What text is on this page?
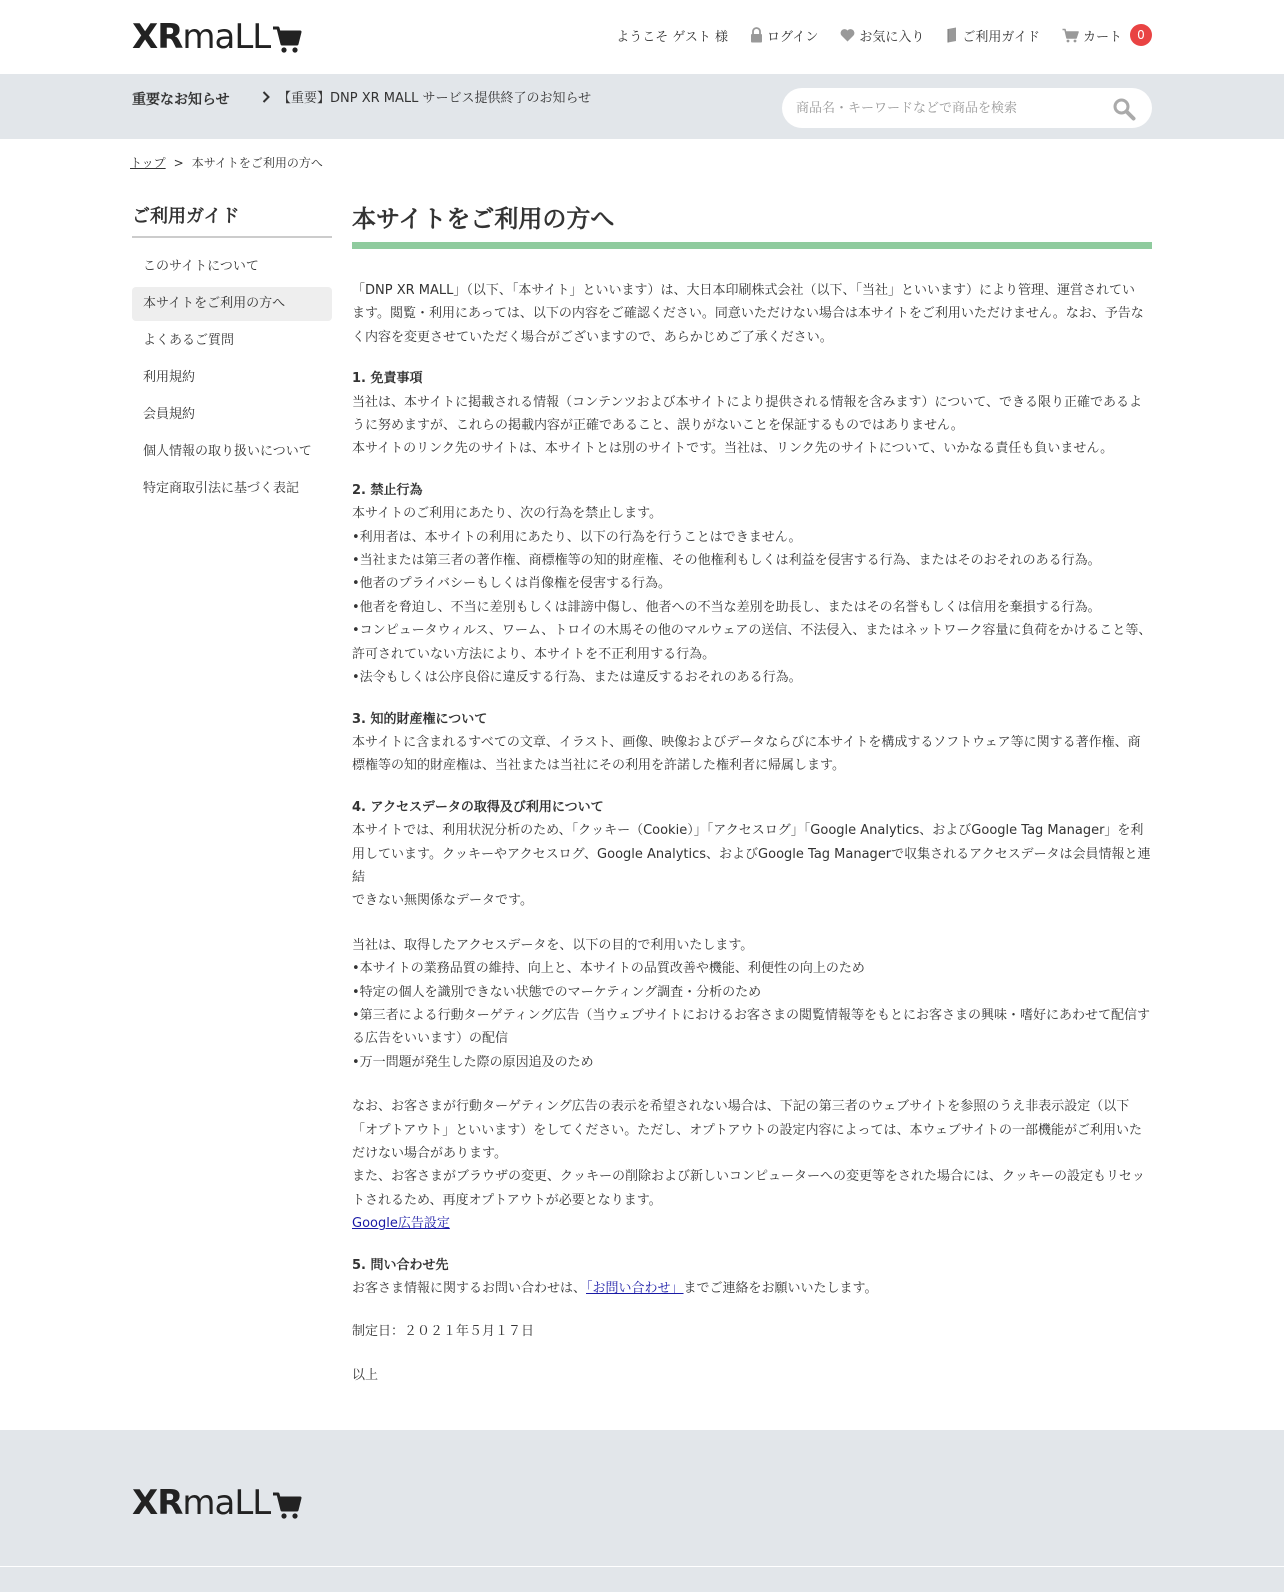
XR maLL	ようこそ ゲスト 様	ログイン	お気に入り	ご利用ガイド	カート	0
重要なお知らせ	【重要】DNP XR MALL サービス提供終了のお知らせ
商品名・キーワードなどで商品を検索
トップ > 本サイトをご利用の方へ
ご利用ガイド
このサイトについて
本サイトをご利用の方へ
よくあるご質問
利用規約
会員規約
個人情報の取り扱いについて
特定商取引法に基づく表記
本サイトをご利用の方へ
「DNP XR MALL」（以下、「本サイト」といいます）は、大日本印刷株式会社（以下、「当社」といいます）により管理、運営されてい
ます。閲覧・利用にあっては、以下の内容をご確認ください。同意いただけない場合は本サイトをご利用いただけません。なお、予告な
く内容を変更させていただく場合がございますので、あらかじめご了承ください。
1. 免責事項
当社は、本サイトに掲載される情報（コンテンツおよび本サイトにより提供される情報を含みます）について、できる限り正確であるよ
うに努めますが、これらの掲載内容が正確であること、誤りがないことを保証するものではありません。
本サイトのリンク先のサイトは、本サイトとは別のサイトです。当社は、リンク先のサイトについて、いかなる責任も負いません。
2. 禁止行為
本サイトのご利用にあたり、次の行為を禁止します。
•利用者は、本サイトの利用にあたり、以下の行為を行うことはできません。
•当社または第三者の著作権、商標権等の知的財産権、その他権利もしくは利益を侵害する行為、またはそのおそれのある行為。
•他者のプライバシーもしくは肖像権を侵害する行為。
•他者を脅迫し、不当に差別もしくは誹謗中傷し、他者への不当な差別を助長し、またはその名誉もしくは信用を棄損する行為。
•コンピュータウィルス、ワーム、トロイの木馬その他のマルウェアの送信、不法侵入、またはネットワーク容量に負荷をかけること等、
許可されていない方法により、本サイトを不正利用する行為。
•法令もしくは公序良俗に違反する行為、または違反するおそれのある行為。
3. 知的財産権について
本サイトに含まれるすべての文章、イラスト、画像、映像およびデータならびに本サイトを構成するソフトウェア等に関する著作権、商
標権等の知的財産権は、当社または当社にその利用を許諾した権利者に帰属します。
4. アクセスデータの取得及び利用について
本サイトでは、利用状況分析のため、「クッキー（Cookie）」「アクセスログ」「Google Analytics、およびGoogle Tag Manager」を利
用しています。クッキーやアクセスログ、Google Analytics、およびGoogle Tag Managerで収集されるアクセスデータは会員情報と連結
できない無関係なデータです。
当社は、取得したアクセスデータを、以下の目的で利用いたします。
•本サイトの業務品質の維持、向上と、本サイトの品質改善や機能、利便性の向上のため
•特定の個人を識別できない状態でのマーケティング調査・分析のため
•第三者による行動ターゲティング広告（当ウェブサイトにおけるお客さまの閲覧情報等をもとにお客さまの興味・嗜好にあわせて配信す
る広告をいいます）の配信
•万一問題が発生した際の原因追及のため
なお、お客さまが行動ターゲティング広告の表示を希望されない場合は、下記の第三者のウェブサイトを参照のうえ非表示設定（以下
「オプトアウト」といいます）をしてください。ただし、オプトアウトの設定内容によっては、本ウェブサイトの一部機能がご利用いた
だけない場合があります。
また、お客さまがブラウザの変更、クッキーの削除および新しいコンピューターへの変更等をされた場合には、クッキーの設定もリセッ
トされるため、再度オプトアウトが必要となります。
Google広告設定
5. 問い合わせ先
お客さま情報に関するお問い合わせは、「お問い合わせ」までご連絡をお願いいたします。
制定日：２０２１年５月１７日
以上
XR maLL
